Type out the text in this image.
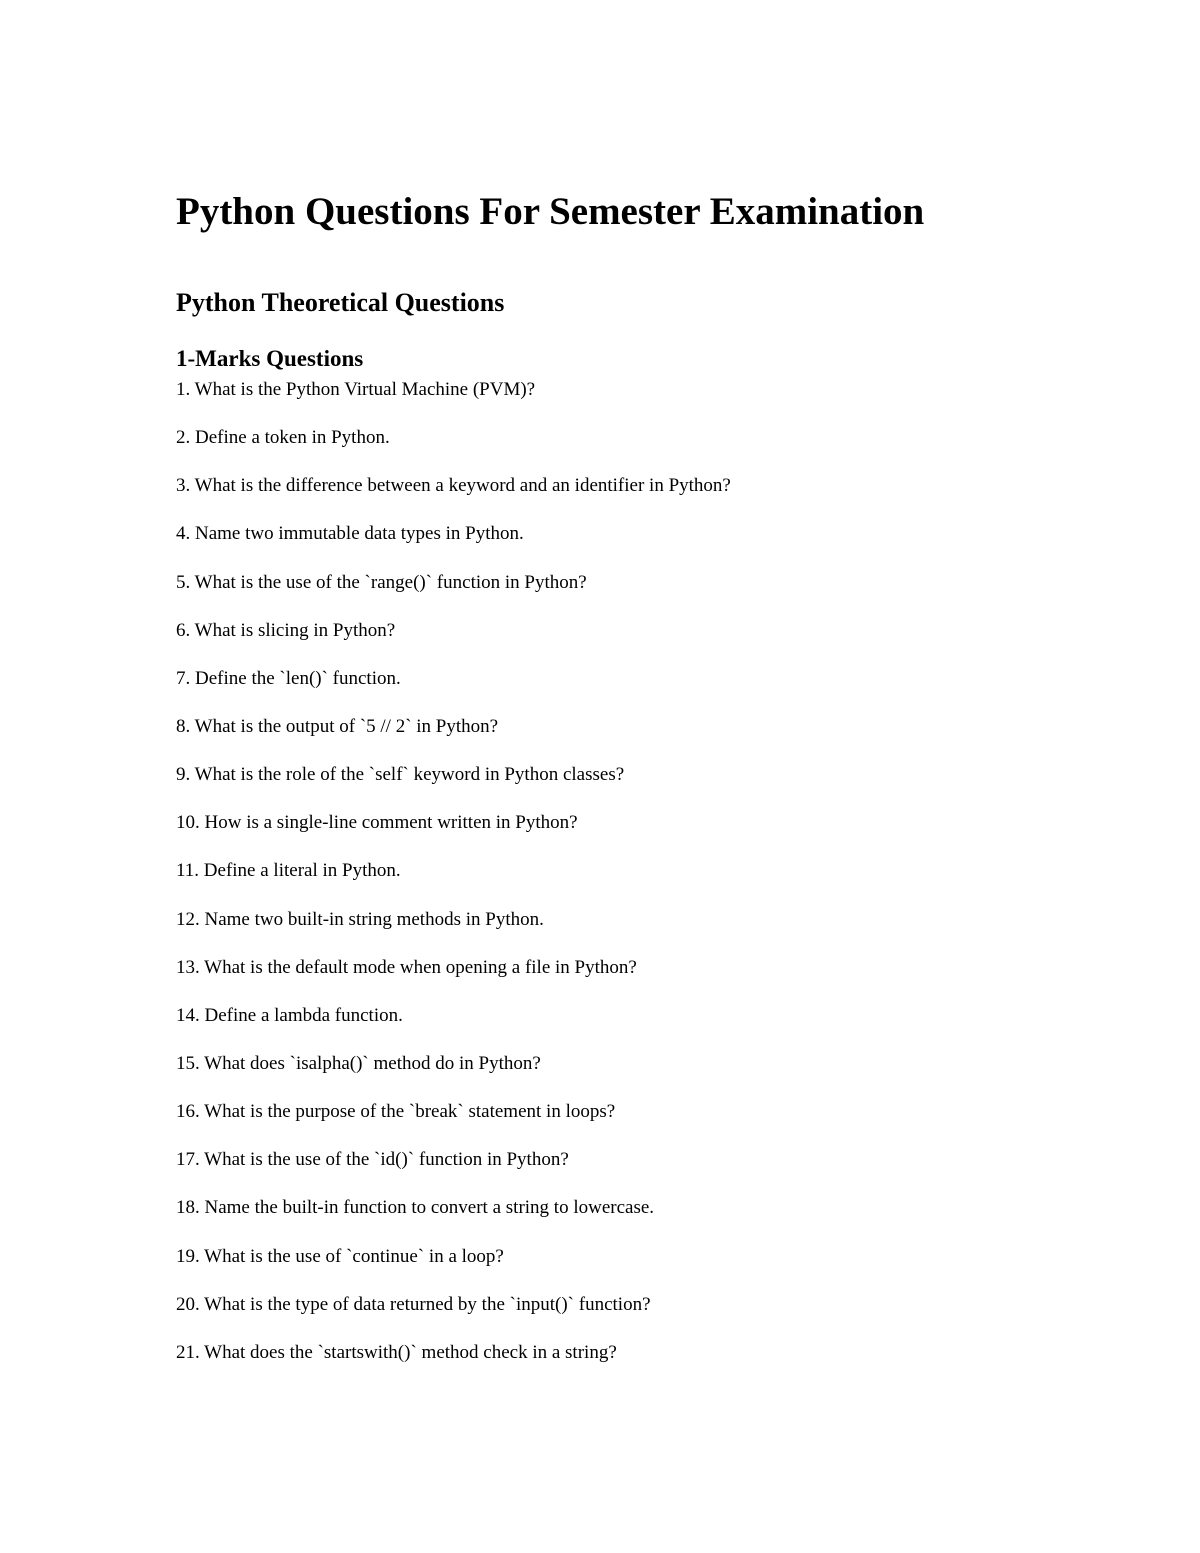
Python Questions For Semester Examination
Python Theoretical Questions
1-Marks Questions
1. What is the Python Virtual Machine (PVM)?
2. Define a token in Python.
3. What is the difference between a keyword and an identifier in Python?
4. Name two immutable data types in Python.
5. What is the use of the `range()` function in Python?
6. What is slicing in Python?
7. Define the `len()` function.
8. What is the output of `5 // 2` in Python?
9. What is the role of the `self` keyword in Python classes?
10. How is a single-line comment written in Python?
11. Define a literal in Python.
12. Name two built-in string methods in Python.
13. What is the default mode when opening a file in Python?
14. Define a lambda function.
15. What does `isalpha()` method do in Python?
16. What is the purpose of the `break` statement in loops?
17. What is the use of the `id()` function in Python?
18. Name the built-in function to convert a string to lowercase.
19. What is the use of `continue` in a loop?
20. What is the type of data returned by the `input()` function?
21. What does the `startswith()` method check in a string?
